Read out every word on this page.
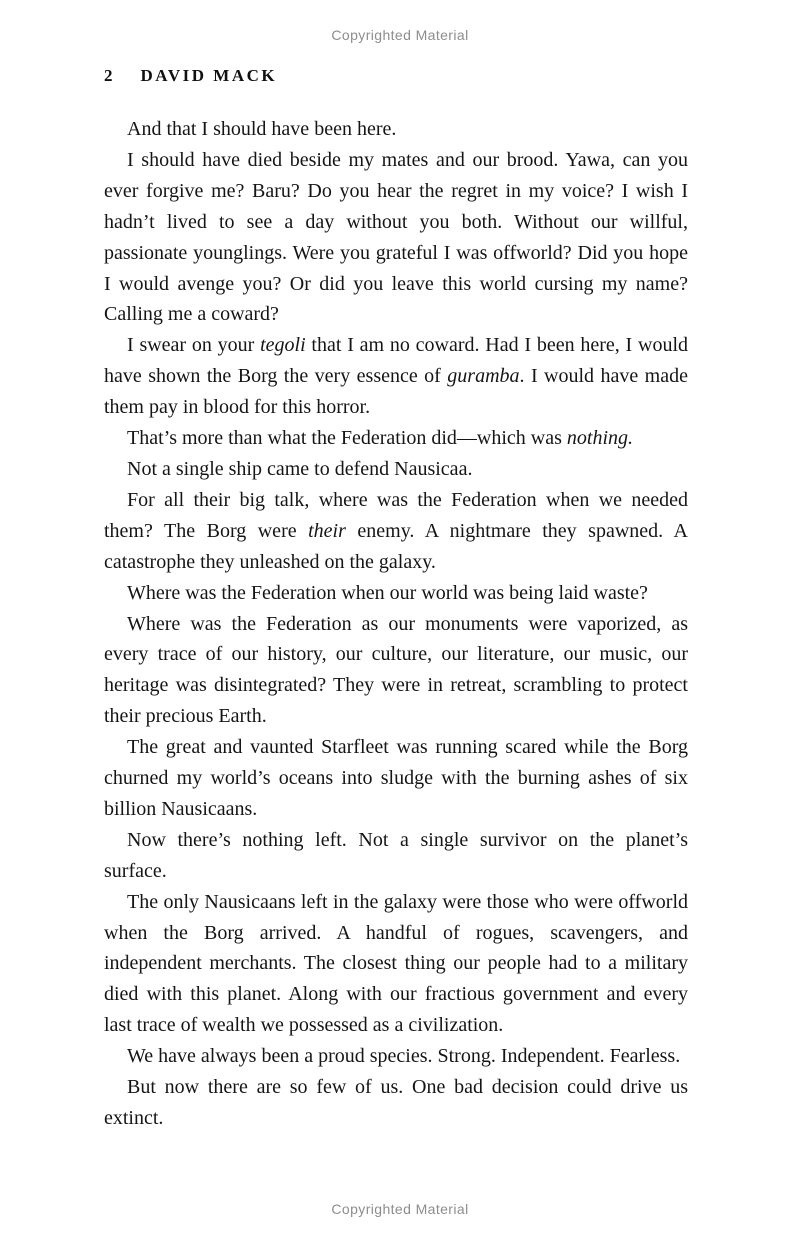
Copyrighted Material
2 DAVID MACK

And that I should have been here.

I should have died beside my mates and our brood. Yawa, can you ever forgive me? Baru? Do you hear the regret in my voice? I wish I hadn’t lived to see a day without you both. Without our willful, passionate younglings. Were you grateful I was offworld? Did you hope I would avenge you? Or did you leave this world cursing my name? Calling me a coward?

I swear on your tegoli that I am no coward. Had I been here, I would have shown the Borg the very essence of guramba. I would have made them pay in blood for this horror.

That’s more than what the Federation did—which was nothing.

Not a single ship came to defend Nausicaa.

For all their big talk, where was the Federation when we needed them? The Borg were their enemy. A nightmare they spawned. A catastrophe they unleashed on the galaxy.

Where was the Federation when our world was being laid waste?

Where was the Federation as our monuments were vaporized, as every trace of our history, our culture, our literature, our music, our heritage was disintegrated? They were in retreat, scrambling to protect their precious Earth.

The great and vaunted Starfleet was running scared while the Borg churned my world’s oceans into sludge with the burning ashes of six billion Nausicaans.

Now there’s nothing left. Not a single survivor on the planet’s surface.

The only Nausicaans left in the galaxy were those who were offworld when the Borg arrived. A handful of rogues, scavengers, and independent merchants. The closest thing our people had to a military died with this planet. Along with our fractious government and every last trace of wealth we possessed as a civilization.

We have always been a proud species. Strong. Independent. Fearless.

But now there are so few of us. One bad decision could drive us extinct.

Copyrighted Material
